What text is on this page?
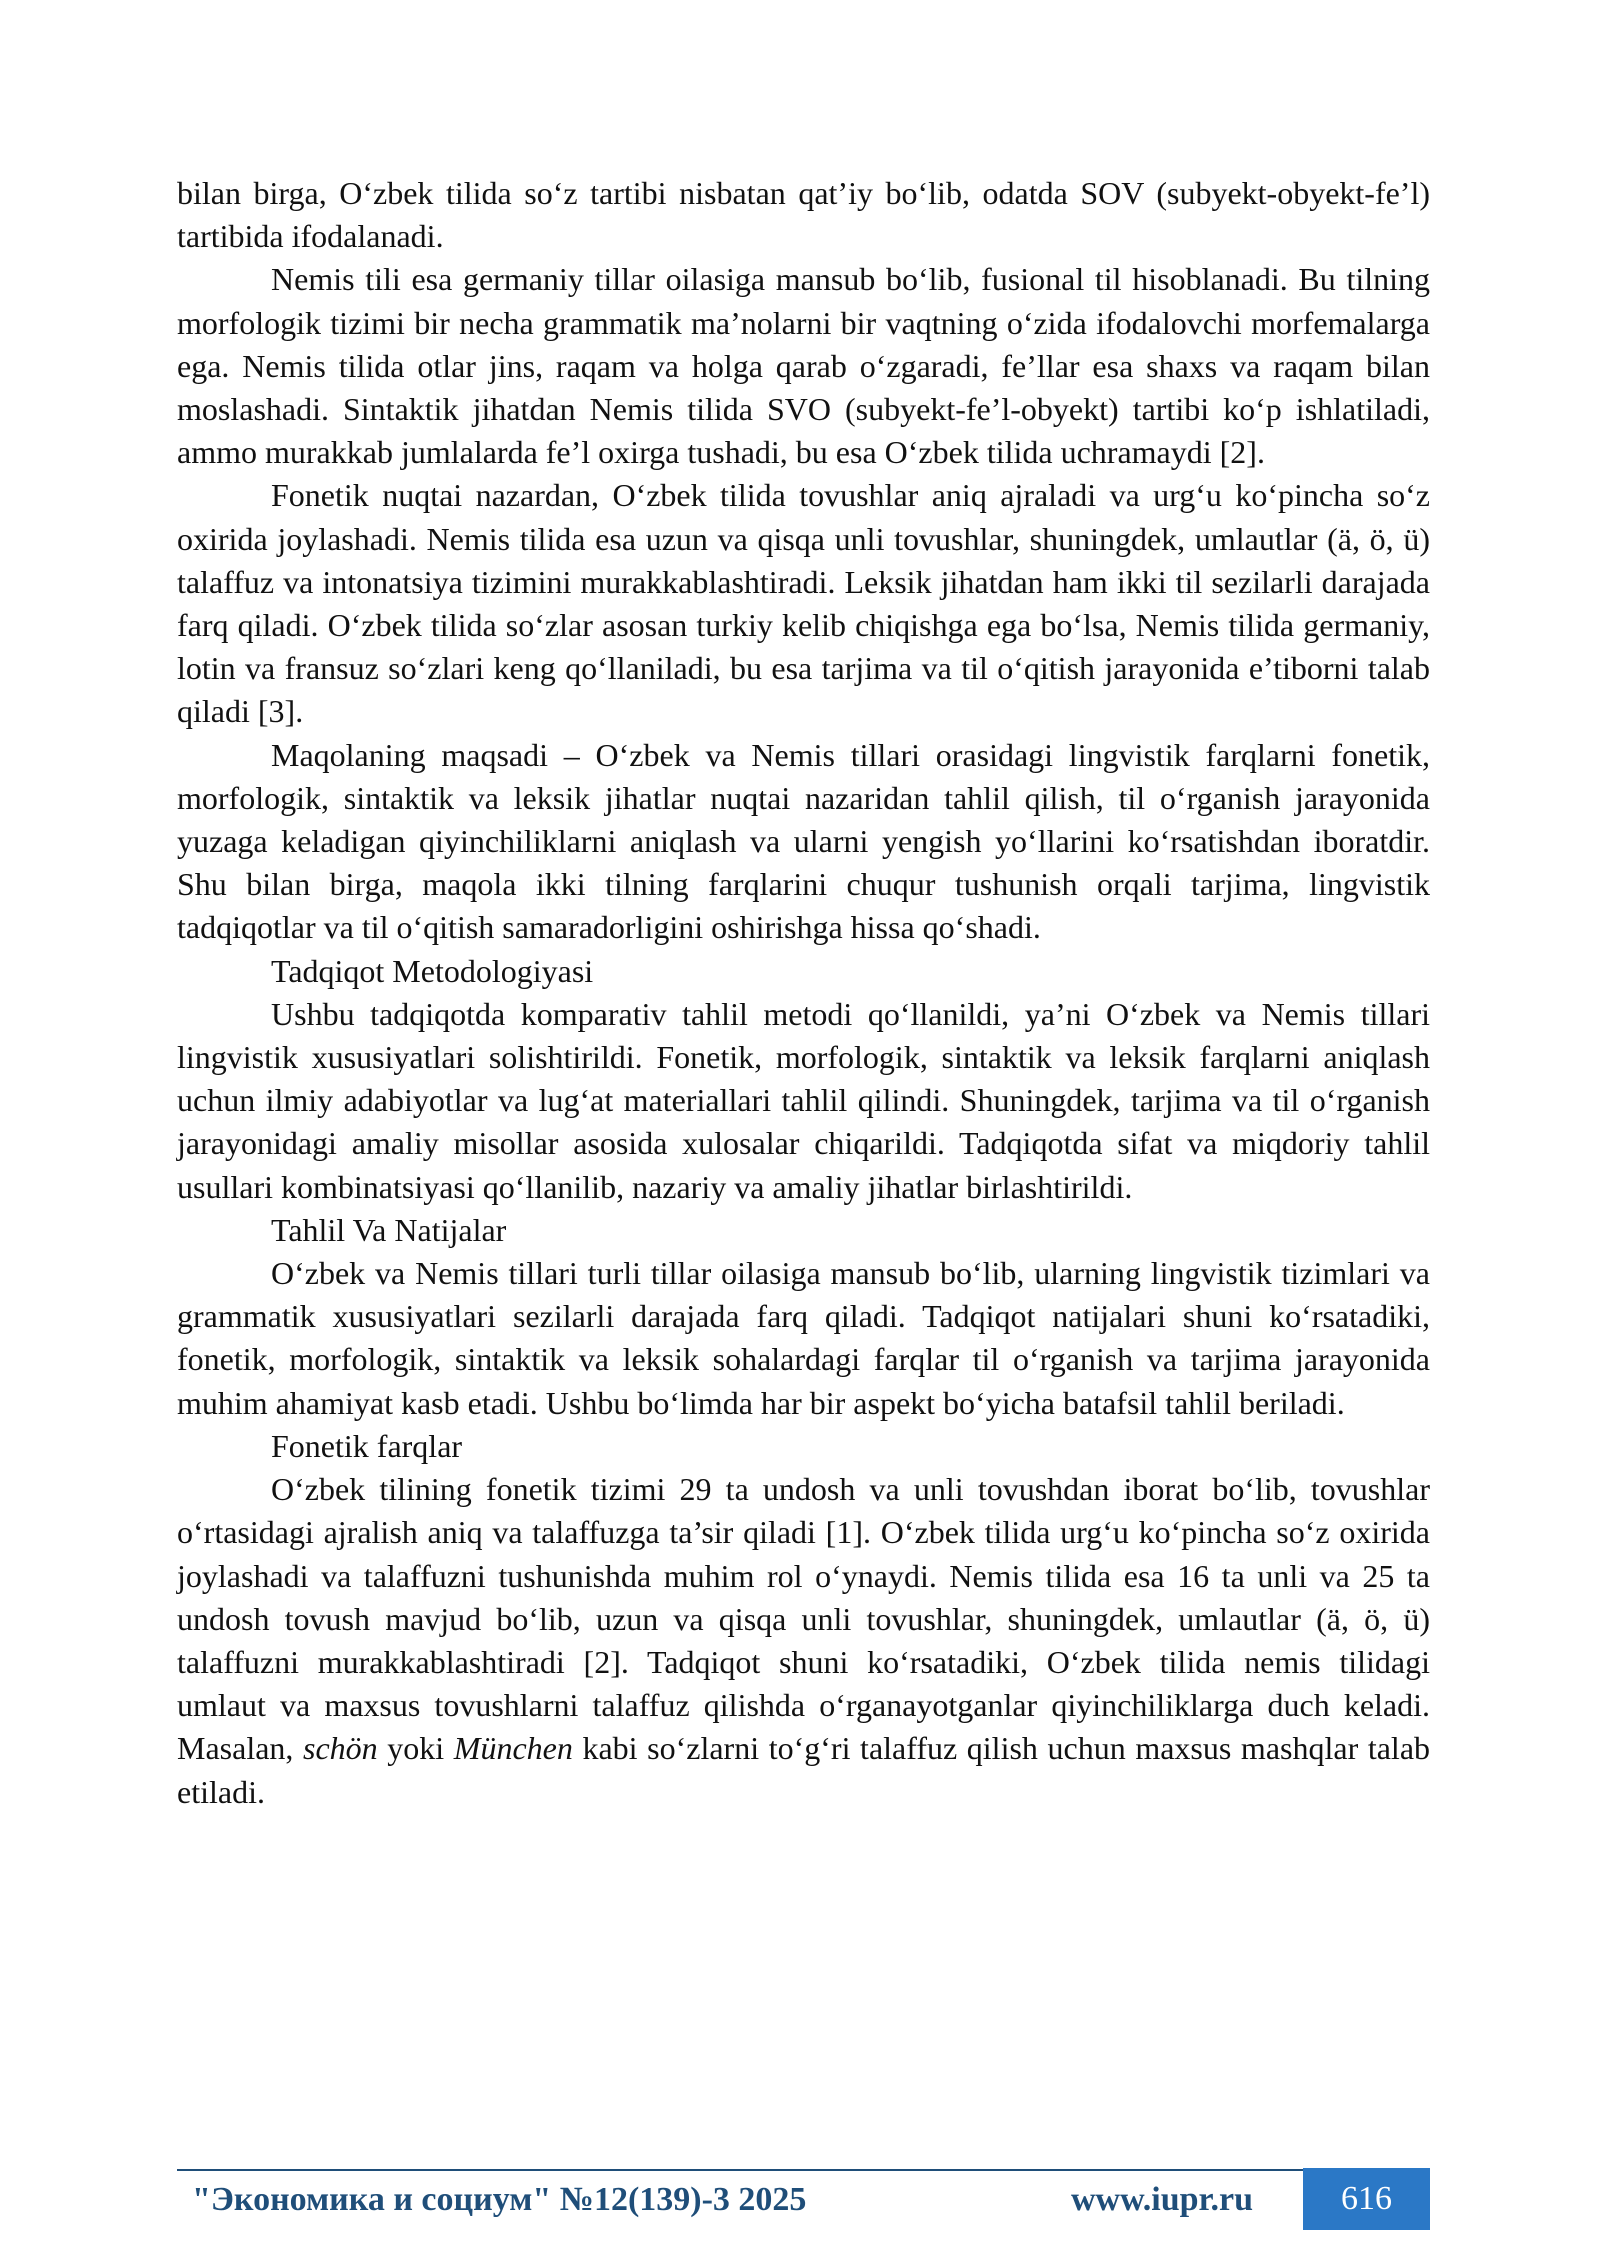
bilan birga, O‘zbek tilida so‘z tartibi nisbatan qat’iy bo‘lib, odatda SOV (subyekt-obyekt-fe’l) tartibida ifodalanadi.

Nemis tili esa germaniy tillar oilasiga mansub bo‘lib, fusional til hisoblanadi. Bu tilning morfologik tizimi bir necha grammatik ma’nolarni bir vaqtning o‘zida ifodalovchi morfemalarga ega. Nemis tilida otlar jins, raqam va holga qarab o‘zgaradi, fe’llar esa shaxs va raqam bilan moslashadi. Sintaktik jihatdan Nemis tilida SVO (subyekt-fe’l-obyekt) tartibi ko‘p ishlatiladi, ammo murakkab jumlalarda fe’l oxirga tushadi, bu esa O‘zbek tilida uchramaydi [2].

Fonetik nuqtai nazardan, O‘zbek tilida tovushlar aniq ajraladi va urg‘u ko‘pincha so‘z oxirida joylashadi. Nemis tilida esa uzun va qisqa unli tovushlar, shuningdek, umlautlar (ä, ö, ü) talaffuz va intonatsiya tizimini murakkablashtiradi. Leksik jihatdan ham ikki til sezilarli darajada farq qiladi. O‘zbek tilida so‘zlar asosan turkiy kelib chiqishga ega bo‘lsa, Nemis tilida germaniy, lotin va fransuz so‘zlari keng qo‘llaniladi, bu esa tarjima va til o‘qitish jarayonida e’tiborni talab qiladi [3].

Maqolaning maqsadi – O‘zbek va Nemis tillari orasidagi lingvistik farqlarni fonetik, morfologik, sintaktik va leksik jihatlar nuqtai nazaridan tahlil qilish, til o‘rganish jarayonida yuzaga keladigan qiyinchiliklarni aniqlash va ularni yengish yo‘llarini ko‘rsatishdan iboratdir. Shu bilan birga, maqola ikki tilning farqlarini chuqur tushunish orqali tarjima, lingvistik tadqiqotlar va til o‘qitish samaradorligini oshirishga hissa qo‘shadi.

Tadqiqot Metodologiyasi

Ushbu tadqiqotda komparativ tahlil metodi qo‘llanildi, ya’ni O‘zbek va Nemis tillari lingvistik xususiyatlari solishtirildi. Fonetik, morfologik, sintaktik va leksik farqlarni aniqlash uchun ilmiy adabiyotlar va lug‘at materiallari tahlil qilindi. Shuningdek, tarjima va til o‘rganish jarayonidagi amaliy misollar asosida xulosalar chiqarildi. Tadqiqotda sifat va miqdoriy tahlil usullari kombinatsiyasi qo‘llanilib, nazariy va amaliy jihatlar birlashtirildi.

Tahlil Va Natijalar

O‘zbek va Nemis tillari turli tillar oilasiga mansub bo‘lib, ularning lingvistik tizimlari va grammatik xususiyatlari sezilarli darajada farq qiladi. Tadqiqot natijalari shuni ko‘rsatadiki, fonetik, morfologik, sintaktik va leksik sohalardagi farqlar til o‘rganish va tarjima jarayonida muhim ahamiyat kasb etadi. Ushbu bo‘limda har bir aspekt bo‘yicha batafsil tahlil beriladi.

Fonetik farqlar

O‘zbek tilining fonetik tizimi 29 ta undosh va unli tovushdan iborat bo‘lib, tovushlar o‘rtasidagi ajralish aniq va talaffuzga ta’sir qiladi [1]. O‘zbek tilida urg‘u ko‘pincha so‘z oxirida joylashadi va talaffuzni tushunishda muhim rol o‘ynaydi. Nemis tilida esa 16 ta unli va 25 ta undosh tovush mavjud bo‘lib, uzun va qisqa unli tovushlar, shuningdek, umlautlar (ä, ö, ü) talaffuzni murakkablashtiradi [2]. Tadqiqot shuni ko‘rsatadiki, O‘zbek tilida nemis tilidagi umlaut va maxsus tovushlarni talaffuz qilishda o‘rganayotganlar qiyinchiliklarga duch keladi. Masalan, schön yoki München kabi so‘zlarni to‘g‘ri talaffuz qilish uchun maxsus mashqlar talab etiladi.

"Экономика и социум" №12(139)-3 2025	www.iupr.ru	616
